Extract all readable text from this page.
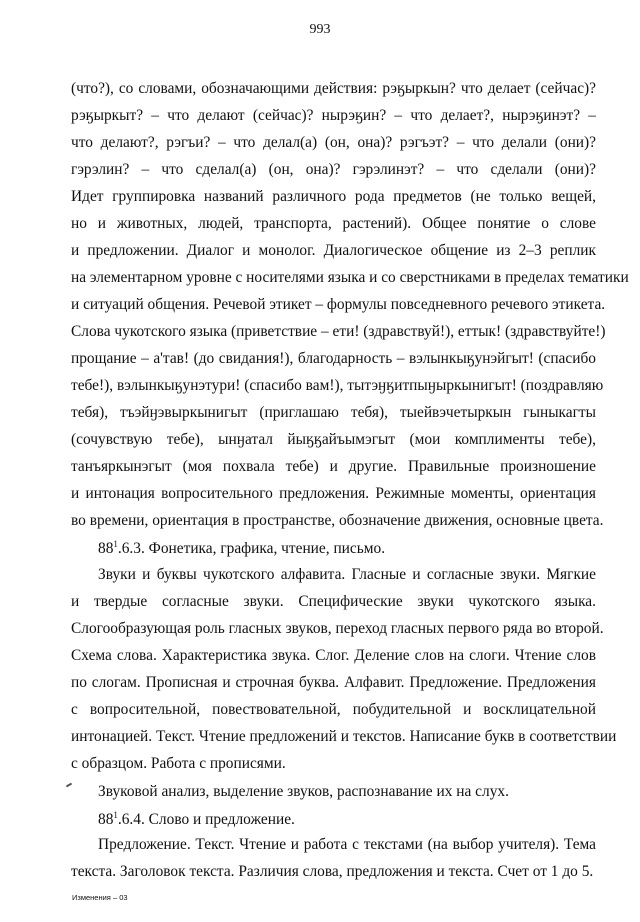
993
(что?), со словами, обозначающими действия: рэӄыркын? что делает (сейчас)?
рэӄыркыт? – что делают (сейчас)? нырэӄин? – что делает?, нырэӄинэт? –
что делают?, рэгъи? – что делал(а) (он, она)? рэгъэт? – что делали (они)?
гэрэлин? – что сделал(а) (он, она)? гэрэлинэт? – что сделали (они)?
Идет группировка названий различного рода предметов (не только вещей,
но и животных, людей, транспорта, растений). Общее понятие о слове
и предложении. Диалог и монолог. Диалогическое общение из 2–3 реплик
на элементарном уровне с носителями языка и со сверстниками в пределах тематики
и ситуаций общения. Речевой этикет – формулы повседневного речевого этикета.
Слова чукотского языка (приветствие – ети! (здравствуй!), еттык! (здравствуйте!)
прощание – а'тав! (до свидания!), благодарность – вэлынкыӄунэйгыт! (спасибо
тебе!), вэлынкыӄунэтури! (спасибо вам!), тытэӈӄитпыӈыркынигыт! (поздравляю
тебя), тъэйӈэвыркынигыт (приглашаю тебя), тыейвэчетыркын гыныкагты
(сочувствую тебе), ынӈатал йыӄӄайъымэгыт (мои комплименты тебе),
танъяркынэгыт (моя похвала тебе) и другие. Правильные произношение
и интонация вопросительного предложения. Режимные моменты, ориентация
во времени, ориентация в пространстве, обозначение движения, основные цвета.
$88^1.6.3$. Фонетика, графика, чтение, письмо.
Звуки и буквы чукотского алфавита. Гласные и согласные звуки. Мягкие
и твердые согласные звуки. Специфические звуки чукотского языка.
Слогообразующая роль гласных звуков, переход гласных первого ряда во второй.
Схема слова. Характеристика звука. Слог. Деление слов на слоги. Чтение слов
по слогам. Прописная и строчная буква. Алфавит. Предложение. Предложения
с вопросительной, повествовательной, побудительной и восклицательной
интонацией. Текст. Чтение предложений и текстов. Написание букв в соответствии
с образцом. Работа с прописями.
Звуковой анализ, выделение звуков, распознавание их на слух.
$88^1.6.4$. Слово и предложение.
Предложение. Текст. Чтение и работа с текстами (на выбор учителя). Тема
текста. Заголовок текста. Различия слова, предложения и текста. Счет от 1 до 5.
Изменения – 03
